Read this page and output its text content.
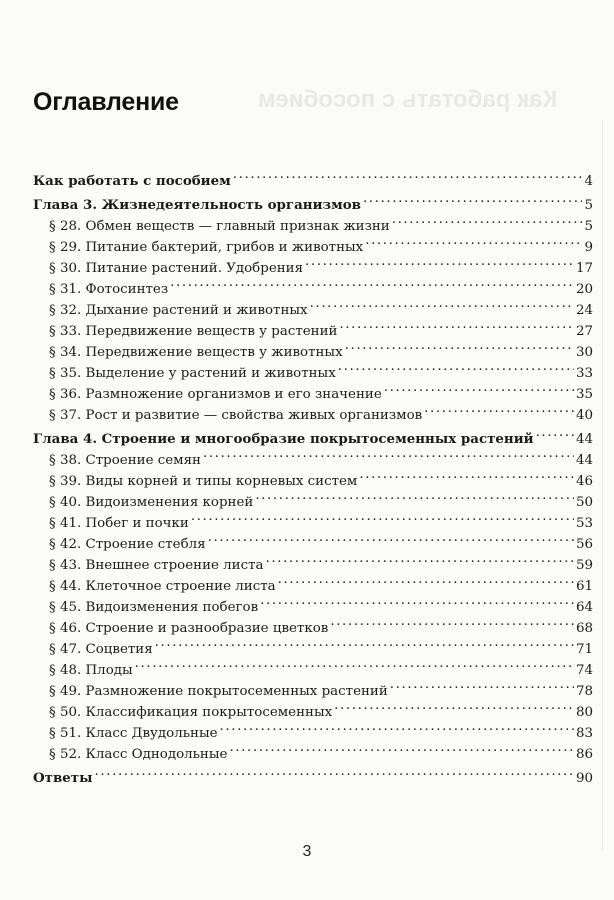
Как работать с пособием
Оглавление
Как работать с пособием .....	4
Глава 3. Жизнедеятельность организмов .....	5
§ 28. Обмен веществ — главный признак жизни .....	5
§ 29. Питание бактерий, грибов и животных .....	9
§ 30. Питание растений. Удобрения .....	17
§ 31. Фотосинтез .....	20
§ 32. Дыхание растений и животных .....	24
§ 33. Передвижение веществ у растений .....	27
§ 34. Передвижение веществ у животных .....	30
§ 35. Выделение у растений и животных .....	33
§ 36. Размножение организмов и его значение .....	35
§ 37. Рост и развитие — свойства живых организмов .....	40
Глава 4. Строение и многообразие покрытосеменных растений .....	44
§ 38. Строение семян .....	44
§ 39. Виды корней и типы корневых систем .....	46
§ 40. Видоизменения корней .....	50
§ 41. Побег и почки .....	53
§ 42. Строение стебля .....	56
§ 43. Внешнее строение листа .....	59
§ 44. Клеточное строение листа .....	61
§ 45. Видоизменения побегов .....	64
§ 46. Строение и разнообразие цветков .....	68
§ 47. Соцветия .....	71
§ 48. Плоды .....	74
§ 49. Размножение покрытосеменных растений .....	78
§ 50. Классификация покрытосеменных .....	80
§ 51. Класс Двудольные .....	83
§ 52. Класс Однодольные .....	86
Ответы .....	90
3
